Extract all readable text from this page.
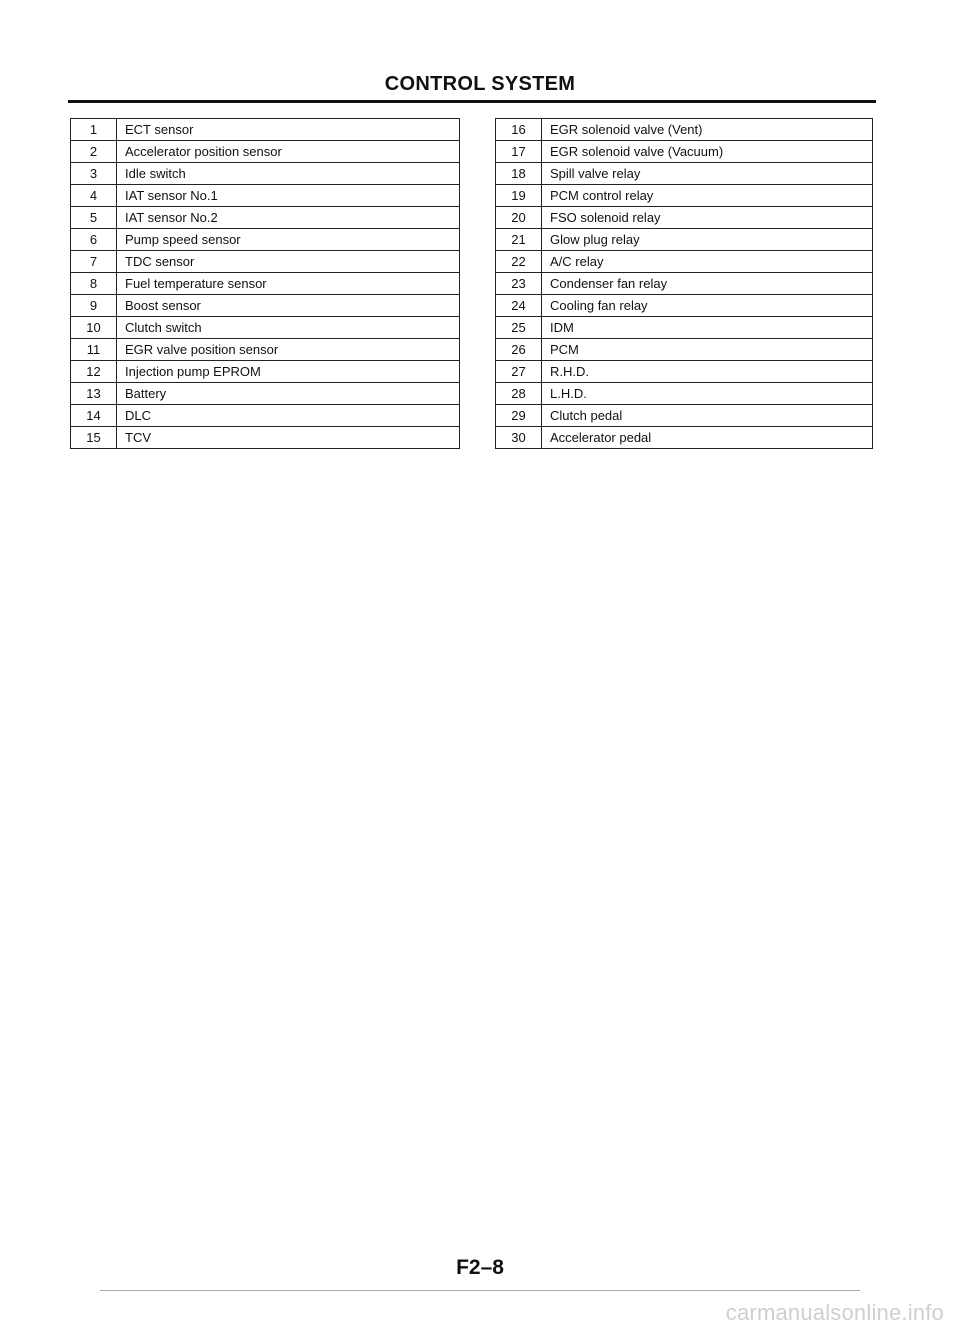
CONTROL SYSTEM
1	ECT sensor
2	Accelerator position sensor
3	Idle switch
4	IAT sensor No.1
5	IAT sensor No.2
6	Pump speed sensor
7	TDC sensor
8	Fuel temperature sensor
9	Boost sensor
10	Clutch switch
11	EGR valve position sensor
12	Injection pump EPROM
13	Battery
14	DLC
15	TCV
16	EGR solenoid valve (Vent)
17	EGR solenoid valve (Vacuum)
18	Spill valve relay
19	PCM control relay
20	FSO solenoid relay
21	Glow plug relay
22	A/C relay
23	Condenser fan relay
24	Cooling fan relay
25	IDM
26	PCM
27	R.H.D.
28	L.H.D.
29	Clutch pedal
30	Accelerator pedal
F2–8
carmanualsonline.info
